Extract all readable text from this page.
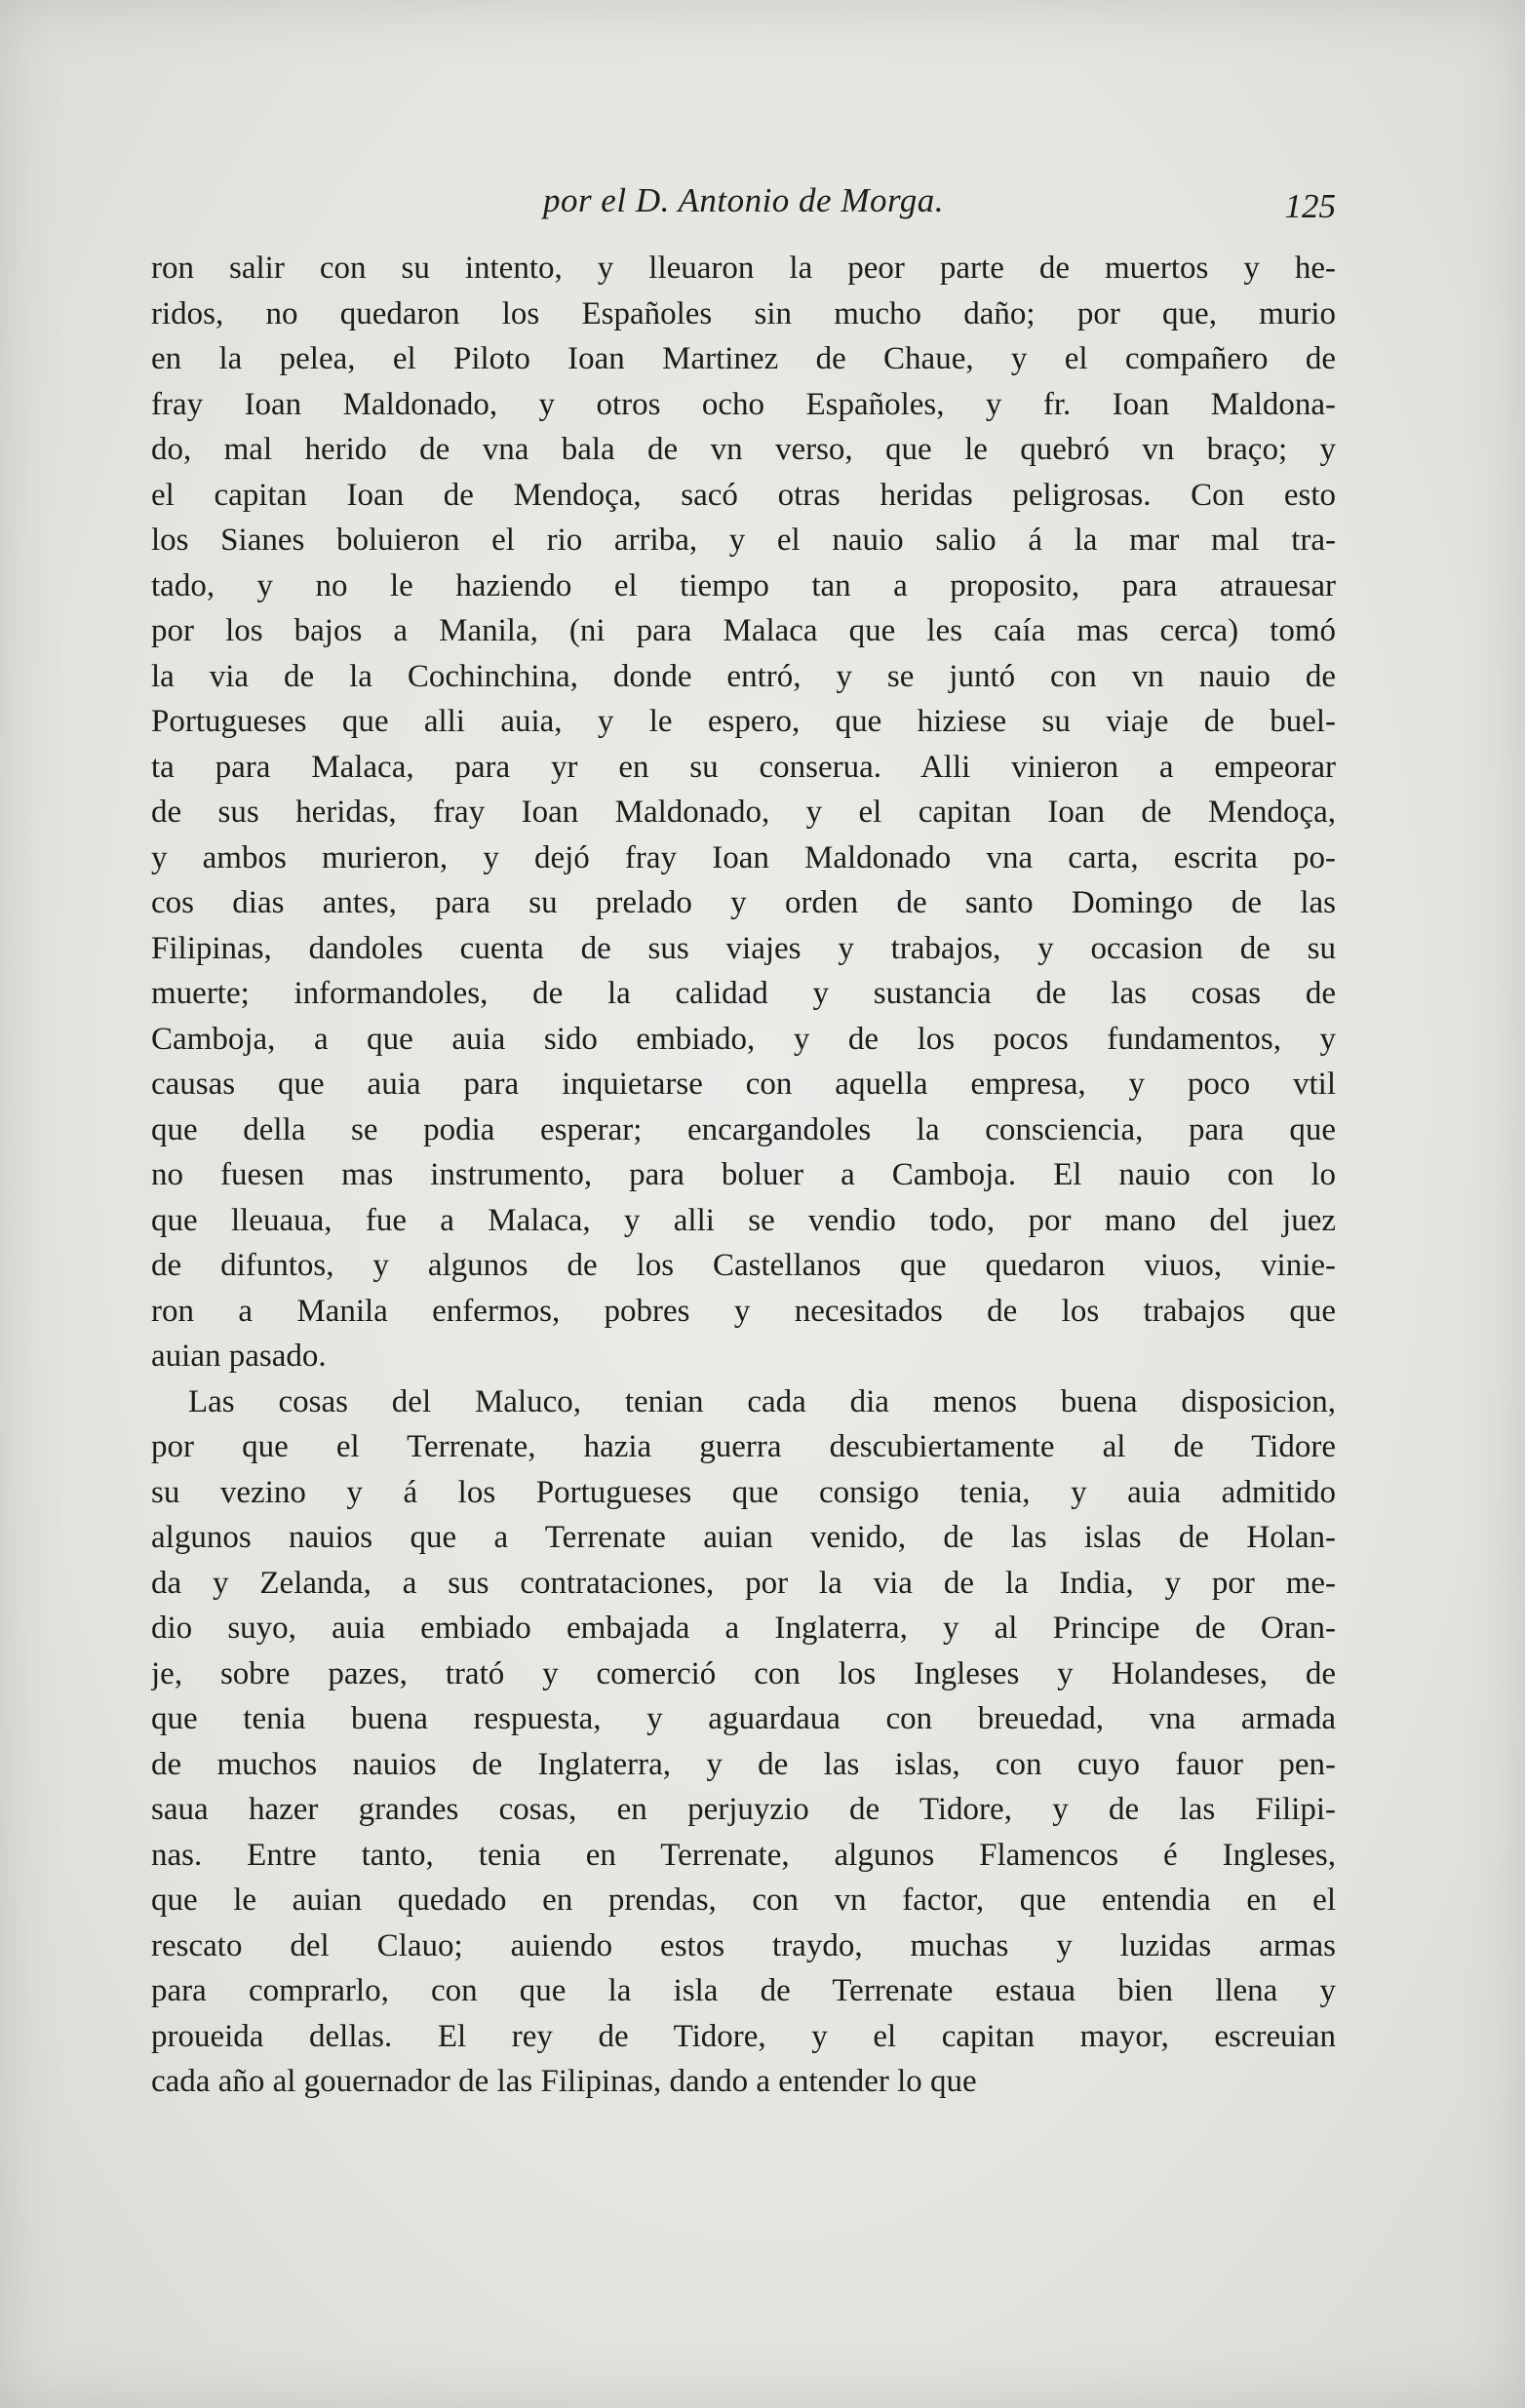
por el D. Antonio de Morga.	125
ron salir con su intento, y lleuaron la peor parte de muertos y he-
ridos, no quedaron los Españoles sin mucho daño; por que, murio
en la pelea, el Piloto Ioan Martinez de Chaue, y el compañero de
fray Ioan Maldonado, y otros ocho Españoles, y fr. Ioan Maldona-
do, mal herido de vna bala de vn verso, que le quebró vn braço; y
el capitan Ioan de Mendoça, sacó otras heridas peligrosas. Con esto
los Sianes boluieron el rio arriba, y el nauio salio á la mar mal tra-
tado, y no le haziendo el tiempo tan a proposito, para atrauesar
por los bajos a Manila, (ni para Malaca que les caía mas cerca) tomó
la via de la Cochinchina, donde entró, y se juntó con vn nauio de
Portugueses que alli auia, y le espero, que hiziese su viaje de buel-
ta para Malaca, para yr en su conserua. Alli vinieron a empeorar
de sus heridas, fray Ioan Maldonado, y el capitan Ioan de Mendoça,
y ambos murieron, y dejó fray Ioan Maldonado vna carta, escrita po-
cos dias antes, para su prelado y orden de santo Domingo de las
Filipinas, dandoles cuenta de sus viajes y trabajos, y occasion de su
muerte; informandoles, de la calidad y sustancia de las cosas de
Camboja, a que auia sido embiado, y de los pocos fundamentos, y
causas que auia para inquietarse con aquella empresa, y poco vtil
que della se podia esperar; encargandoles la consciencia, para que
no fuesen mas instrumento, para boluer a Camboja. El nauio con lo
que lleuaua, fue a Malaca, y alli se vendio todo, por mano del juez
de difuntos, y algunos de los Castellanos que quedaron viuos, vinie-
ron a Manila enfermos, pobres y necesitados de los trabajos que
auian pasado.
Las cosas del Maluco, tenian cada dia menos buena disposicion,
por que el Terrenate, hazia guerra descubiertamente al de Tidore
su vezino y á los Portugueses que consigo tenia, y auia admitido
algunos nauios que a Terrenate auian venido, de las islas de Holan-
da y Zelanda, a sus contrataciones, por la via de la India, y por me-
dio suyo, auia embiado embajada a Inglaterra, y al Principe de Oran-
je, sobre pazes, trató y comerció con los Ingleses y Holandeses, de
que tenia buena respuesta, y aguardaua con breuedad, vna armada
de muchos nauios de Inglaterra, y de las islas, con cuyo fauor pen-
saua hazer grandes cosas, en perjuyzio de Tidore, y de las Filipi-
nas. Entre tanto, tenia en Terrenate, algunos Flamencos é Ingleses,
que le auian quedado en prendas, con vn factor, que entendia en el
rescato del Clauo; auiendo estos traydo, muchas y luzidas armas
para comprarlo, con que la isla de Terrenate estaua bien llena y
proueida dellas. El rey de Tidore, y el capitan mayor, escreuian
cada año al gouernador de las Filipinas, dando a entender lo que
